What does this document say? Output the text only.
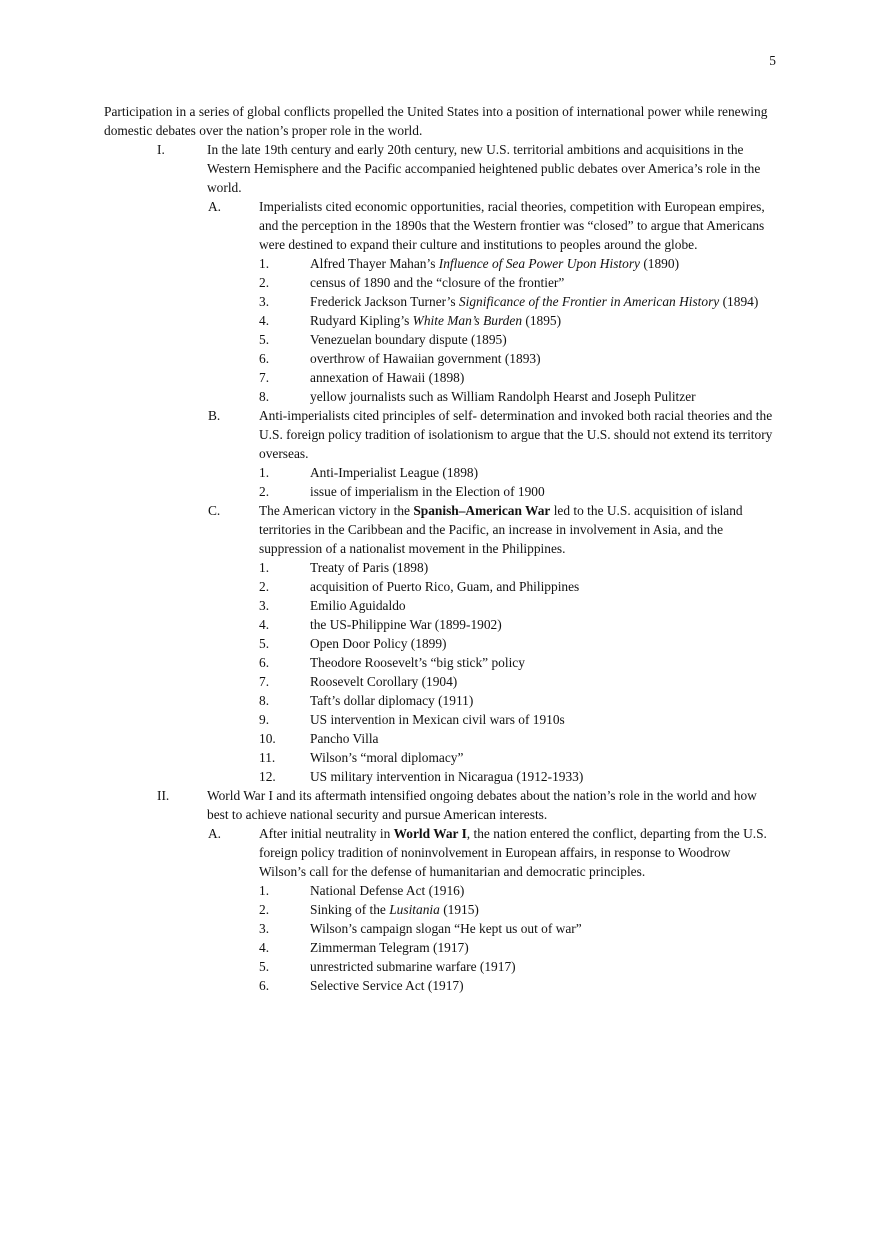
5

Participation in a series of global conflicts propelled the United States into a position of international power while renewing domestic debates over the nation’s proper role in the world.

I.	In the late 19th century and early 20th century, new U.S. territorial ambitions and acquisitions in the Western Hemisphere and the Pacific accompanied heightened public debates over America’s role in the world.
A.	Imperialists cited economic opportunities, racial theories, competition with European empires, and the perception in the 1890s that the Western frontier was “closed” to argue that Americans were destined to expand their culture and institutions to peoples around the globe.
1.	Alfred Thayer Mahan’s Influence of Sea Power Upon History (1890)
2.	census of 1890 and the “closure of the frontier”
3.	Frederick Jackson Turner’s Significance of the Frontier in American History (1894)
4.	Rudyard Kipling’s White Man’s Burden (1895)
5.	Venezuelan boundary dispute (1895)
6.	overthrow of Hawaiian government (1893)
7.	annexation of Hawaii (1898)
8.	yellow journalists such as William Randolph Hearst and Joseph Pulitzer
B.	Anti-imperialists cited principles of self- determination and invoked both racial theories and the U.S. foreign policy tradition of isolationism to argue that the U.S. should not extend its territory overseas.
1.	Anti-Imperialist League (1898)
2.	issue of imperialism in the Election of 1900
C.	The American victory in the Spanish–American War led to the U.S. acquisition of island territories in the Caribbean and the Pacific, an increase in involvement in Asia, and the suppression of a nationalist movement in the Philippines.
1.	Treaty of Paris (1898)
2.	acquisition of Puerto Rico, Guam, and Philippines
3.	Emilio Aguidaldo
4.	the US-Philippine War (1899-1902)
5.	Open Door Policy (1899)
6.	Theodore Roosevelt’s “big stick” policy
7.	Roosevelt Corollary (1904)
8.	Taft’s dollar diplomacy (1911)
9.	US intervention in Mexican civil wars of 1910s
10.	Pancho Villa
11.	Wilson’s “moral diplomacy”
12.	US military intervention in Nicaragua (1912-1933)
II.	World War I and its aftermath intensified ongoing debates about the nation’s role in the world and how best to achieve national security and pursue American interests.
A.	After initial neutrality in World War I, the nation entered the conflict, departing from the U.S. foreign policy tradition of noninvolvement in European affairs, in response to Woodrow Wilson’s call for the defense of humanitarian and democratic principles.
1.	National Defense Act (1916)
2.	Sinking of the Lusitania (1915)
3.	Wilson’s campaign slogan “He kept us out of war”
4.	Zimmerman Telegram (1917)
5.	unrestricted submarine warfare (1917)
6.	Selective Service Act (1917)
